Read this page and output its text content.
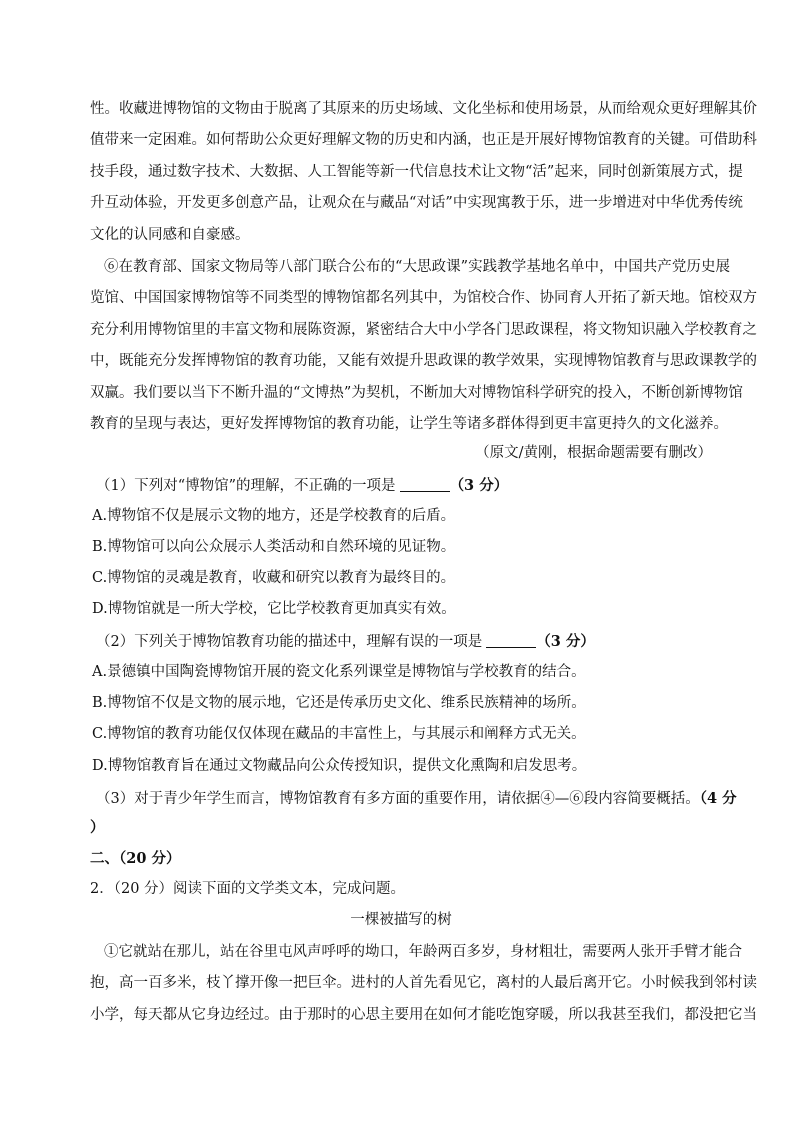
性。收藏进博物馆的文物由于脱离了其原来的历史场域、文化坐标和使用场景，从而给观众更好理解其价
值带来一定困难。如何帮助公众更好理解文物的历史和内涵，也正是开展好博物馆教育的关键。可借助科
技手段，通过数字技术、大数据、人工智能等新一代信息技术让文物“活”起来，同时创新策展方式，提
升互动体验，开发更多创意产品，让观众在与藏品“对话”中实现寓教于乐，进一步增进对中华优秀传统
文化的认同感和自豪感。
⑥在教育部、国家文物局等八部门联合公布的“大思政课”实践教学基地名单中，中国共产党历史展
览馆、中国国家博物馆等不同类型的博物馆都名列其中，为馆校合作、协同育人开拓了新天地。馆校双方
充分利用博物馆里的丰富文物和展陈资源，紧密结合大中小学各门思政课程，将文物知识融入学校教育之
中，既能充分发挥博物馆的教育功能，又能有效提升思政课的教学效果，实现博物馆教育与思政课教学的
双赢。我们要以当下不断升温的“文博热”为契机，不断加大对博物馆科学研究的投入，不断创新博物馆
教育的呈现与表达，更好发挥博物馆的教育功能，让学生等诸多群体得到更丰富更持久的文化滋养。
（原文/黄刚，根据命题需要有删改）
（1）下列对“博物馆”的理解，不正确的一项是	（3 分）
A.博物馆不仅是展示文物的地方，还是学校教育的后盾。
B.博物馆可以向公众展示人类活动和自然环境的见证物。
C.博物馆的灵魂是教育，收藏和研究以教育为最终目的。
D.博物馆就是一所大学校，它比学校教育更加真实有效。
（2）下列关于博物馆教育功能的描述中，理解有误的一项是	（3 分）
A.景德镇中国陶瓷博物馆开展的瓷文化系列课堂是博物馆与学校教育的结合。
B.博物馆不仅是文物的展示地，它还是传承历史文化、维系民族精神的场所。
C.博物馆的教育功能仅仅体现在藏品的丰富性上，与其展示和阐释方式无关。
D.博物馆教育旨在通过文物藏品向公众传授知识，提供文化熏陶和启发思考。
（3）对于青少年学生而言，博物馆教育有多方面的重要作用，请依据④—⑥段内容简要概括。（4 分
）
二、（20 分）
2．（20 分）阅读下面的文学类文本，完成问题。
一棵被描写的树
①它就站在那儿，站在谷里屯风声呼呼的坳口，年龄两百多岁，身材粗壮，需要两人张开手臂才能合
抱，高一百多米，枝丫撑开像一把巨伞。进村的人首先看见它，离村的人最后离开它。小时候我到邻村读
小学，每天都从它身边经过。由于那时的心思主要用在如何才能吃饱穿暖，所以我甚至我们，都没把它当
